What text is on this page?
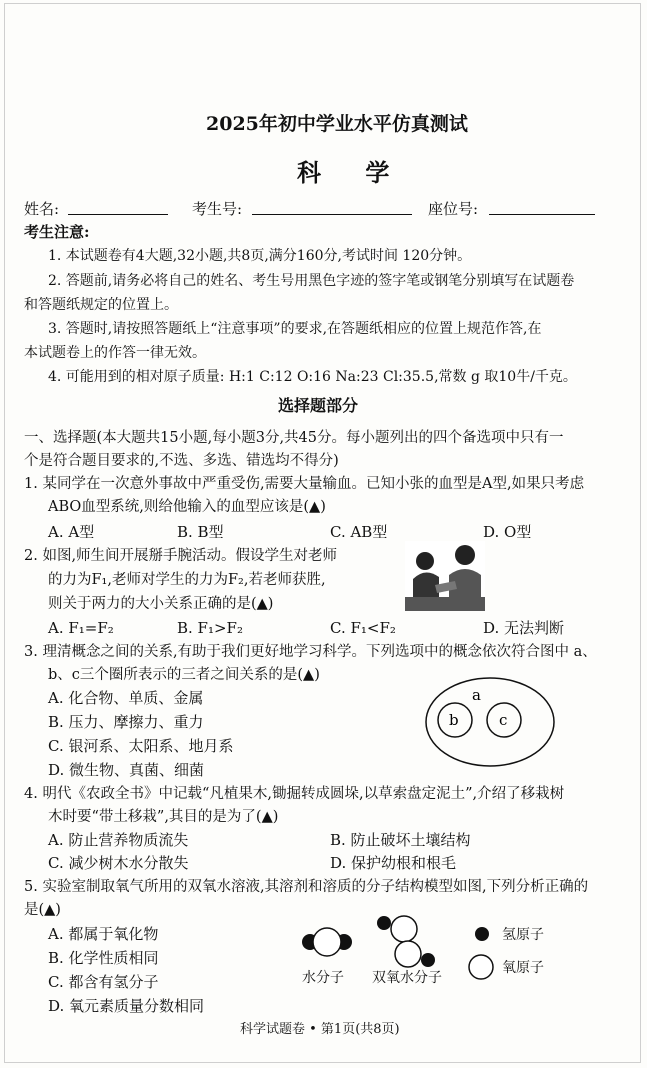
2025年初中学业水平仿真测试
科 学
姓名:	考生号:	座位号:
考生注意:
1. 本试题卷有4大题,32小题,共8页,满分160分,考试时间 120分钟。
2. 答题前,请务必将自己的姓名、考生号用黑色字迹的签字笔或钢笔分别填写在试题卷
和答题纸规定的位置上。
3. 答题时,请按照答题纸上“注意事项”的要求,在答题纸相应的位置上规范作答,在
本试题卷上的作答一律无效。
4. 可能用到的相对原子质量: H:1 C:12 O:16 Na:23 Cl:35.5,常数 g 取10牛/千克。
选择题部分
一、选择题(本大题共15小题,每小题3分,共45分。每小题列出的四个备选项中只有一
个是符合题目要求的,不选、多选、错选均不得分)
1. 某同学在一次意外事故中严重受伤,需要大量输血。已知小张的血型是A型,如果只考虑
ABO血型系统,则给他输入的血型应该是(▲)
A. A型	B. B型	C. AB型	D. O型
2. 如图,师生间开展掰手腕活动。假设学生对老师
的力为F₁,老师对学生的力为F₂,若老师获胜,
则关于两力的大小关系正确的是(▲)
A. F₁=F₂	B. F₁>F₂	C. F₁<F₂	D. 无法判断
3. 理清概念之间的关系,有助于我们更好地学习科学。下列选项中的概念依次符合图中 a、
b、c三个圈所表示的三者之间关系的是(▲)
A. 化合物、单质、金属
B. 压力、摩擦力、重力
C. 银河系、太阳系、地月系
D. 微生物、真菌、细菌
a
b	c
4. 明代《农政全书》中记载“凡植果木,锄掘转成圆垛,以草索盘定泥土”,介绍了移栽树
木时要“带土移栽”,其目的是为了(▲)
A. 防止营养物质流失	B. 防止破坏土壤结构
C. 减少树木水分散失	D. 保护幼根和根毛
5. 实验室制取氧气所用的双氧水溶液,其溶剂和溶质的分子结构模型如图,下列分析正确的
是(▲)
A. 都属于氧化物
B. 化学性质相同
C. 都含有氢分子
D. 氧元素质量分数相同
水分子 双氧水分子
氢原子
氧原子
科学试题卷 • 第1页(共8页)
